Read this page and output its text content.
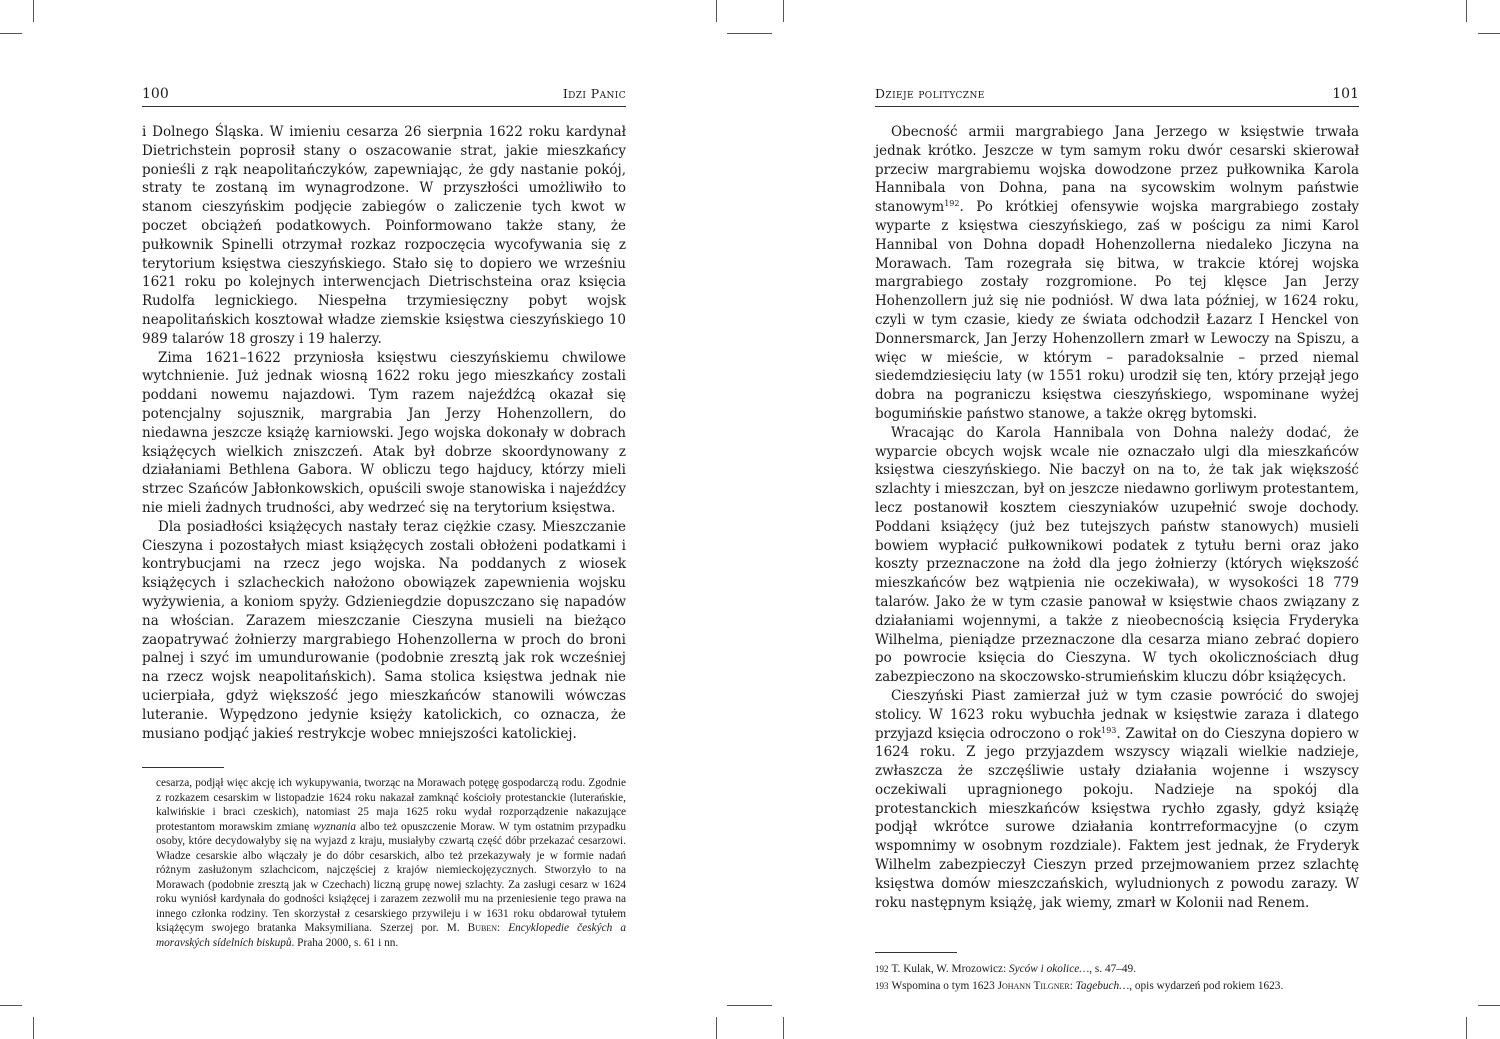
100	Idzi Panic

i Dolnego Śląska. W imieniu cesarza 26 sierpnia 1622 roku kardynał Dietrichstein poprosił stany o oszacowanie strat, jakie mieszkańcy ponieśli z rąk neapolitańczyków, zapewniając, że gdy nastanie pokój, straty te zostaną im wynagrodzone. W przyszłości umożliwiło to stanom cieszyńskim podjęcie zabiegów o zaliczenie tych kwot w poczet obciążeń podatkowych. Poinformowano także stany, że pułkownik Spinelli otrzymał rozkaz rozpoczęcia wycofywania się z terytorium księstwa cieszyńskiego. Stało się to dopiero we wrześniu 1621 roku po kolejnych interwencjach Dietrischsteina oraz księcia Rudolfa legnickiego. Niespełna trzymiesięczny pobyt wojsk neapolitańskich kosztował władze ziemskie księstwa cieszyńskiego 10 989 talarów 18 groszy i 19 halerzy.

Zima 1621–1622 przyniosła księstwu cieszyńskiemu chwilowe wytchnienie. Już jednak wiosną 1622 roku jego mieszkańcy zostali poddani nowemu najazdowi. Tym razem najeźdźcą okazał się potencjalny sojusznik, margrabia Jan Jerzy Hohenzollern, do niedawna jeszcze książę karniowski. Jego wojska dokonały w dobrach książęcych wielkich zniszczeń. Atak był dobrze skoordynowany z działaniami Bethlena Gabora. W obliczu tego hajducy, którzy mieli strzec Szańców Jabłonkowskich, opuścili swoje stanowiska i najeźdźcy nie mieli żadnych trudności, aby wedrzeć się na terytorium księstwa.

Dla posiadłości książęcych nastały teraz ciężkie czasy. Mieszczanie Cieszyna i pozostałych miast książęcych zostali obłożeni podatkami i kontrybucjami na rzecz jego wojska. Na poddanych z wiosek książęcych i szlacheckich nałożono obowiązek zapewnienia wojsku wyżywienia, a koniom spyży. Gdzieniegdzie dopuszczano się napadów na włościan. Zarazem mieszczanie Cieszyna musieli na bieżąco zaopatrywać żołnierzy margrabiego Hohenzollerna w proch do broni palnej i szyć im umundurowanie (podobnie zresztą jak rok wcześniej na rzecz wojsk neapolitańskich). Sama stolica księstwa jednak nie ucierpiała, gdyż większość jego mieszkańców stanowili wówczas luteranie. Wypędzono jedynie księży katolickich, co oznacza, że musiano podjąć jakieś restrykcje wobec mniejszości katolickiej.

cesarza, podjął więc akcję ich wykupywania, tworząc na Morawach potęgę gospodarczą rodu. Zgodnie z rozkazem cesarskim w listopadzie 1624 roku nakazał zamknąć kościoły protestanckie (luterańskie, kalwińskie i braci czeskich), natomiast 25 maja 1625 roku wydał rozporządzenie nakazujące protestantom morawskim zmianę wyznania albo też opuszczenie Moraw. W tym ostatnim przypadku osoby, które decydowałyby się na wyjazd z kraju, musiałyby czwartą część dóbr przekazać cesarzowi. Władze cesarskie albo włączały je do dóbr cesarskich, albo też przekazywały je w formie nadań różnym zasłużonym szlachcicom, najczęściej z krajów niemieckojęzycznych. Stworzyło to na Morawach (podobnie zresztą jak w Czechach) liczną grupę nowej szlachty. Za zasługi cesarz w 1624 roku wyniósł kardynała do godności książęcej i zarazem zezwolił mu na przeniesienie tego prawa na innego członka rodziny. Ten skorzystał z cesarskiego przywileju i w 1631 roku obdarował tytułem książęcym swojego bratanka Maksymiliana. Szerzej por. M. Buben: Encyklopedie českých a moravských sídelních biskupů. Praha 2000, s. 61 i nn.
Dzieje polityczne	101

Obecność armii margrabiego Jana Jerzego w księstwie trwała jednak krótko. Jeszcze w tym samym roku dwór cesarski skierował przeciw margrabiemu wojska dowodzone przez pułkownika Karola Hannibala von Dohna, pana na sycowskim wolnym państwie stanowym$^{192}$. Po krótkiej ofensywie wojska margrabiego zostały wyparte z księstwa cieszyńskiego, zaś w pościgu za nimi Karol Hannibal von Dohna dopadł Hohenzollerna niedaleko Jiczyna na Morawach. Tam rozegrała się bitwa, w trakcie której wojska margrabiego zostały rozgromione. Po tej klęsce Jan Jerzy Hohenzollern już się nie podniósł. W dwa lata później, w 1624 roku, czyli w tym czasie, kiedy ze świata odchodził Łazarz I Henckel von Donnersmarck, Jan Jerzy Hohenzollern zmarł w Lewoczy na Spiszu, a więc w mieście, w którym – paradoksalnie – przed niemal siedemdziesięciu laty (w 1551 roku) urodził się ten, który przejął jego dobra na pograniczu księstwa cieszyńskiego, wspominane wyżej bogumińskie państwo stanowe, a także okręg bytomski.

Wracając do Karola Hannibala von Dohna należy dodać, że wyparcie obcych wojsk wcale nie oznaczało ulgi dla mieszkańców księstwa cieszyńskiego. Nie baczył on na to, że tak jak większość szlachty i mieszczan, był on jeszcze niedawno gorliwym protestantem, lecz postanowił kosztem cieszyniaków uzupełnić swoje dochody. Poddani książęcy (już bez tutejszych państw stanowych) musieli bowiem wypłacić pułkownikowi podatek z tytułu berni oraz jako koszty przeznaczone na żołd dla jego żołnierzy (których większość mieszkańców bez wątpienia nie oczekiwała), w wysokości 18 779 talarów. Jako że w tym czasie panował w księstwie chaos związany z działaniami wojennymi, a także z nieobecnością księcia Fryderyka Wilhelma, pieniądze przeznaczone dla cesarza miano zebrać dopiero po powrocie księcia do Cieszyna. W tych okolicznościach dług zabezpieczono na skoczowsko-strumieńskim kluczu dóbr książęcych.

Cieszyński Piast zamierzał już w tym czasie powrócić do swojej stolicy. W 1623 roku wybuchła jednak w księstwie zaraza i dlatego przyjazd księcia odroczono o rok$^{193}$. Zawitał on do Cieszyna dopiero w 1624 roku. Z jego przyjazdem wszyscy wiązali wielkie nadzieje, zwłaszcza że szczęśliwie ustały działania wojenne i wszyscy oczekiwali upragnionego pokoju. Nadzieje na spokój dla protestanckich mieszkańców księstwa rychło zgasły, gdyż książę podjął wkrótce surowe działania kontrreformacyjne (o czym wspomnimy w osobnym rozdziale). Faktem jest jednak, że Fryderyk Wilhelm zabezpieczył Cieszyn przed przejmowaniem przez szlachtę księstwa domów mieszczańskich, wyludnionych z powodu zarazy. W roku następnym książę, jak wiemy, zmarł w Kolonii nad Renem.

192 T. Kulak, W. Mrozowicz: Syców i okolice…, s. 47–49.
193 Wspomina o tym 1623 Johann Tilgner: Tagebuch…, opis wydarzeń pod rokiem 1623.
